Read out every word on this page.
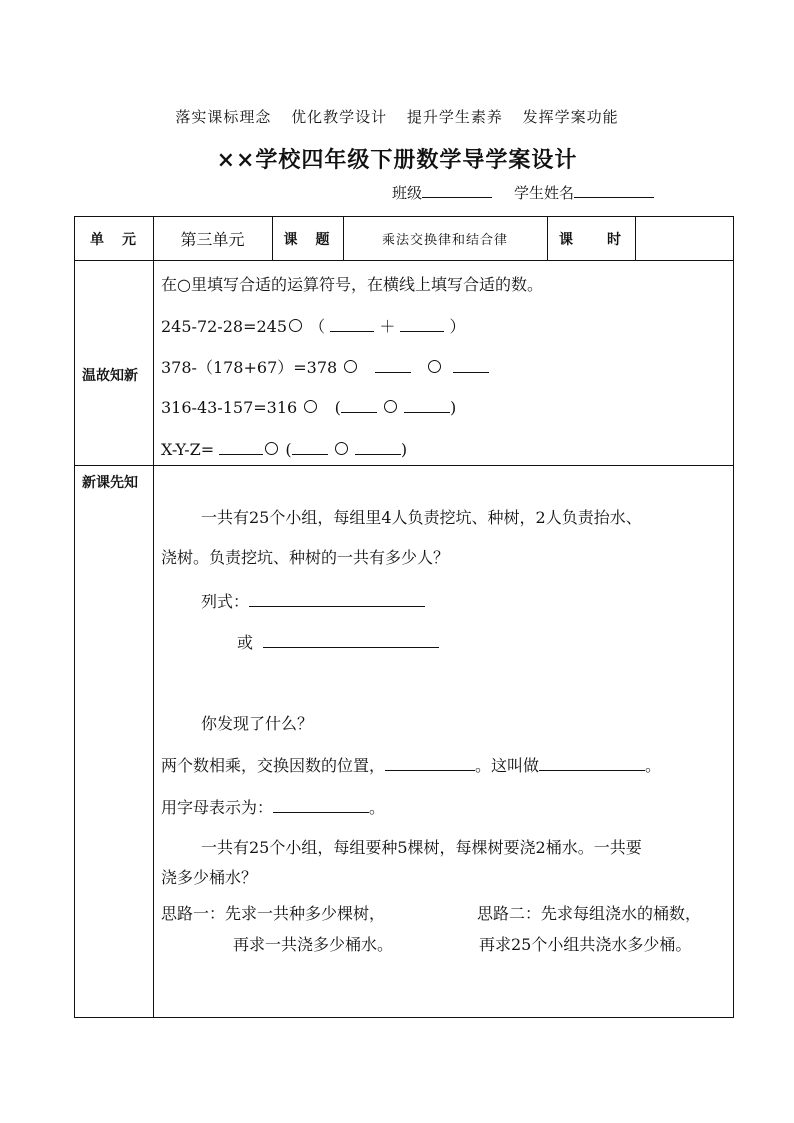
落实课标理念 优化教学设计 提升学生素养 发挥学案功能
××学校四年级下册数学导学案设计
班级	学生姓名
单　元	第三单元	课　题	乘法交换律和结合律	课　　时
温故知新
在○里填写合适的运算符号，在横线上填写合适的数。
245-72-28=245 （	＋	）
378-（178+67）=378
316-43-157=316 (	)
X-Y-Z=	(	)
新课先知
一共有25个小组，每组里4人负责挖坑、种树，2人负责抬水、
浇树。负责挖坑、种树的一共有多少人？
列式：
或
你发现了什么？
两个数相乘，交换因数的位置，	。这叫做	。
用字母表示为：	。
一共有25个小组，每组要种5棵树，每棵树要浇2桶水。一共要
浇多少桶水？
思路一：先求一共种多少棵树，	思路二：先求每组浇水的桶数，
再求一共浇多少桶水。	再求25个小组共浇水多少桶。
